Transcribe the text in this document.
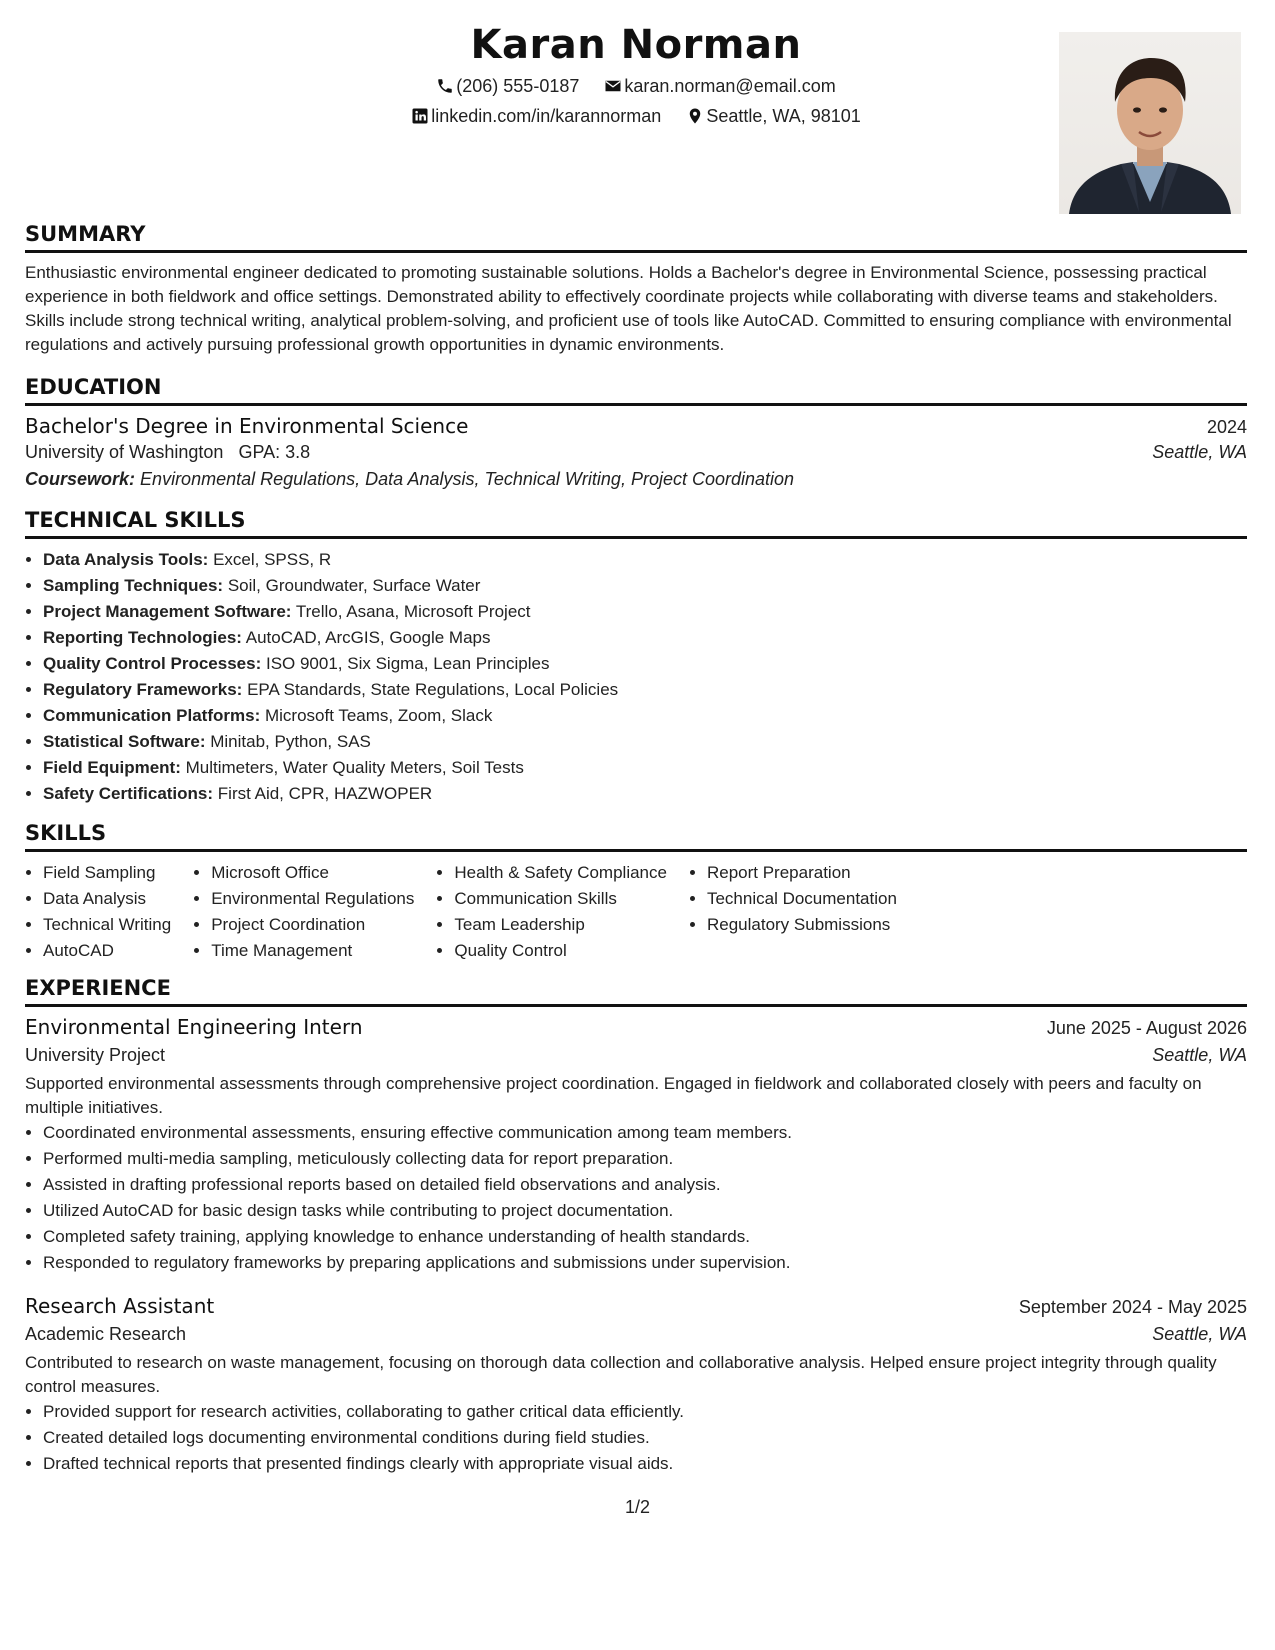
Karan Norman
(206) 555-0187	karan.norman@email.com
linkedin.com/in/karannorman	Seattle, WA, 98101
SUMMARY

Enthusiastic environmental engineer dedicated to promoting sustainable solutions. Holds a Bachelor's degree in Environmental Science, possessing practical experience in both fieldwork and office settings. Demonstrated ability to effectively coordinate projects while collaborating with diverse teams and stakeholders. Skills include strong technical writing, analytical problem-solving, and proficient use of tools like AutoCAD. Committed to ensuring compliance with environmental regulations and actively pursuing professional growth opportunities in dynamic environments.

EDUCATION
Bachelor's Degree in Environmental Science	2024
University of Washington GPA: 3.8	Seattle, WA
Coursework: Environmental Regulations, Data Analysis, Technical Writing, Project Coordination
TECHNICAL SKILLS
• Data Analysis Tools: Excel, SPSS, R
• Sampling Techniques: Soil, Groundwater, Surface Water
• Project Management Software: Trello, Asana, Microsoft Project
• Reporting Technologies: AutoCAD, ArcGIS, Google Maps
• Quality Control Processes: ISO 9001, Six Sigma, Lean Principles
• Regulatory Frameworks: EPA Standards, State Regulations, Local Policies
• Communication Platforms: Microsoft Teams, Zoom, Slack
• Statistical Software: Minitab, Python, SAS
• Field Equipment: Multimeters, Water Quality Meters, Soil Tests
• Safety Certifications: First Aid, CPR, HAZWOPER
SKILLS
• Field Sampling
• Data Analysis
• Technical Writing
• AutoCAD
• Microsoft Office
• Environmental Regulations
• Project Coordination
• Time Management
• Health & Safety Compliance
• Communication Skills
• Team Leadership
• Quality Control
• Report Preparation
• Technical Documentation
• Regulatory Submissions
EXPERIENCE
Environmental Engineering Intern	June 2025 - August 2026
University Project	Seattle, WA
Supported environmental assessments through comprehensive project coordination. Engaged in fieldwork and collaborated closely with peers and faculty on multiple initiatives.
• Coordinated environmental assessments, ensuring effective communication among team members.
• Performed multi-media sampling, meticulously collecting data for report preparation.
• Assisted in drafting professional reports based on detailed field observations and analysis.
• Utilized AutoCAD for basic design tasks while contributing to project documentation.
• Completed safety training, applying knowledge to enhance understanding of health standards.
• Responded to regulatory frameworks by preparing applications and submissions under supervision.
Research Assistant	September 2024 - May 2025
Academic Research	Seattle, WA
Contributed to research on waste management, focusing on thorough data collection and collaborative analysis. Helped ensure project integrity through quality control measures.
• Provided support for research activities, collaborating to gather critical data efficiently.
• Created detailed logs documenting environmental conditions during field studies.
• Drafted technical reports that presented findings clearly with appropriate visual aids.
1/2
